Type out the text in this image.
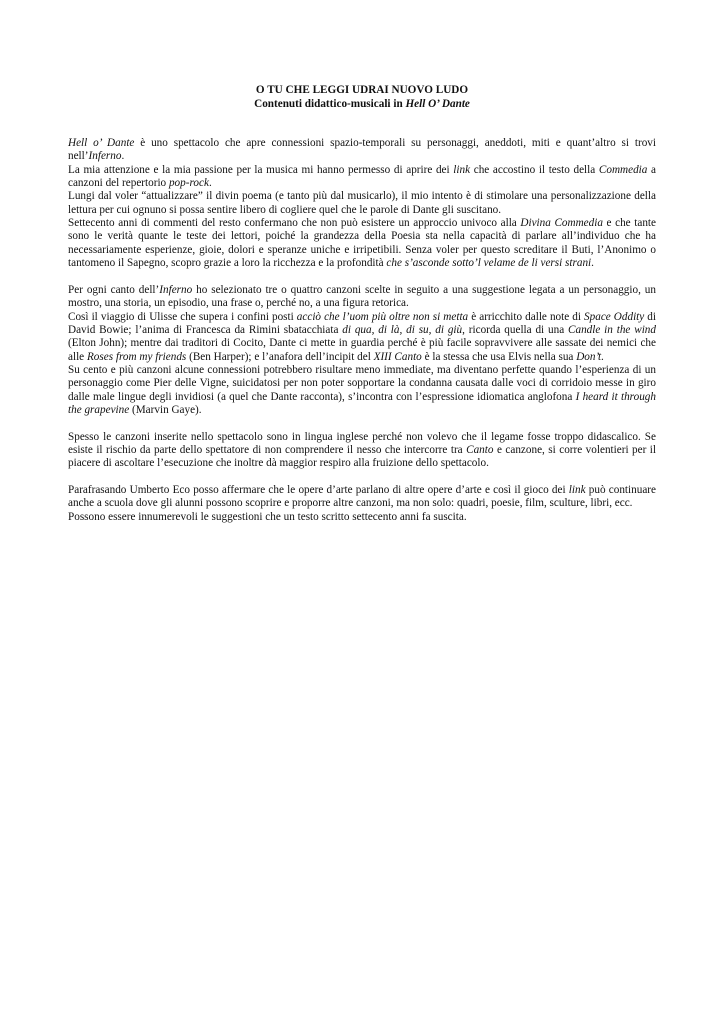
O TU CHE LEGGI UDRAI NUOVO LUDO
Contenuti didattico-musicali in Hell O’ Dante

Hell o’ Dante è uno spettacolo che apre connessioni spazio-temporali su personaggi, aneddoti, miti e quant’altro si trovi nell’Inferno.

La mia attenzione e la mia passione per la musica mi hanno permesso di aprire dei link che accostino il testo della Commedia a canzoni del repertorio pop-rock.

Lungi dal voler “attualizzare” il divin poema (e tanto più dal musicarlo), il mio intento è di stimolare una personalizzazione della lettura per cui ognuno si possa sentire libero di cogliere quel che le parole di Dante gli suscitano.

Settecento anni di commenti del resto confermano che non può esistere un approccio univoco alla Divina Commedia e che tante sono le verità quante le teste dei lettori, poiché la grandezza della Poesia sta nella capacità di parlare all’individuo che ha necessariamente esperienze, gioie, dolori e speranze uniche e irripetibili. Senza voler per questo screditare il Buti, l’Anonimo o tantomeno il Sapegno, scopro grazie a loro la ricchezza e la profondità che s’asconde sotto’l velame de li versi strani.

Per ogni canto dell’Inferno ho selezionato tre o quattro canzoni scelte in seguito a una suggestione legata a un personaggio, un mostro, una storia, un episodio, una frase o, perché no, a una figura retorica.

Così il viaggio di Ulisse che supera i confini posti acciò che l’uom più oltre non si metta è arricchito dalle note di Space Oddity di David Bowie; l’anima di Francesca da Rimini sbatacchiata di qua, di là, di su, di giù, ricorda quella di una Candle in the wind (Elton John); mentre dai traditori di Cocito, Dante ci mette in guardia perché è più facile sopravvivere alle sassate dei nemici che alle Roses from my friends (Ben Harper); e l’anafora dell’incipit del XIII Canto è la stessa che usa Elvis nella sua Don’t.

Su cento e più canzoni alcune connessioni potrebbero risultare meno immediate, ma diventano perfette quando l’esperienza di un personaggio come Pier delle Vigne, suicidatosi per non poter sopportare la condanna causata dalle voci di corridoio messe in giro dalle male lingue degli invidiosi (a quel che Dante racconta), s’incontra con l’espressione idiomatica anglofona I heard it through the grapevine (Marvin Gaye).

Spesso le canzoni inserite nello spettacolo sono in lingua inglese perché non volevo che il legame fosse troppo didascalico. Se esiste il rischio da parte dello spettatore di non comprendere il nesso che intercorre tra Canto e canzone, si corre volentieri per il piacere di ascoltare l’esecuzione che inoltre dà maggior respiro alla fruizione dello spettacolo.

Parafrasando Umberto Eco posso affermare che le opere d’arte parlano di altre opere d’arte e così il gioco dei link può continuare anche a scuola dove gli alunni possono scoprire e proporre altre canzoni, ma non solo: quadri, poesie, film, sculture, libri, ecc.

Possono essere innumerevoli le suggestioni che un testo scritto settecento anni fa suscita.
